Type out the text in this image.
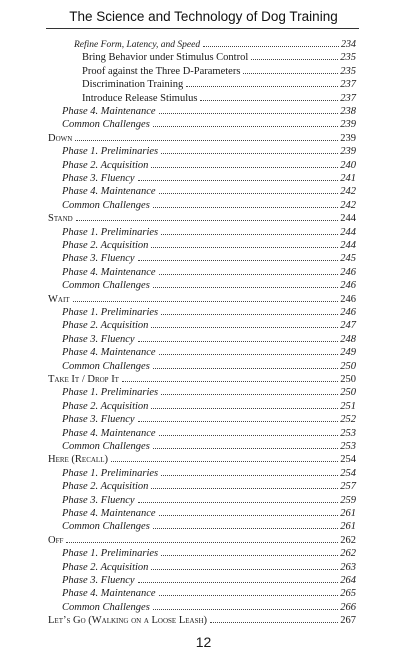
The Science and Technology of Dog Training
Refine Form, Latency, and Speed	234
Bring Behavior under Stimulus Control	235
Proof against the Three D-Parameters	235
Discrimination Training	237
Introduce Release Stimulus	237
Phase 4. Maintenance	238
Common Challenges	239
Down	239
Phase 1. Preliminaries	239
Phase 2. Acquisition	240
Phase 3. Fluency	241
Phase 4. Maintenance	242
Common Challenges	242
Stand	244
Phase 1. Preliminaries	244
Phase 2. Acquisition	244
Phase 3. Fluency	245
Phase 4. Maintenance	246
Common Challenges	246
Wait	246
Phase 1. Preliminaries	246
Phase 2. Acquisition	247
Phase 3. Fluency	248
Phase 4. Maintenance	249
Common Challenges	250
Take It / Drop It	250
Phase 1. Preliminaries	250
Phase 2. Acquisition	251
Phase 3. Fluency	252
Phase 4. Maintenance	253
Common Challenges	253
Here (Recall)	254
Phase 1. Preliminaries	254
Phase 2. Acquisition	257
Phase 3. Fluency	259
Phase 4. Maintenance	261
Common Challenges	261
Off	262
Phase 1. Preliminaries	262
Phase 2. Acquisition	263
Phase 3. Fluency	264
Phase 4. Maintenance	265
Common Challenges	266
Let’s Go (Walking on a Loose Leash)	267
12
